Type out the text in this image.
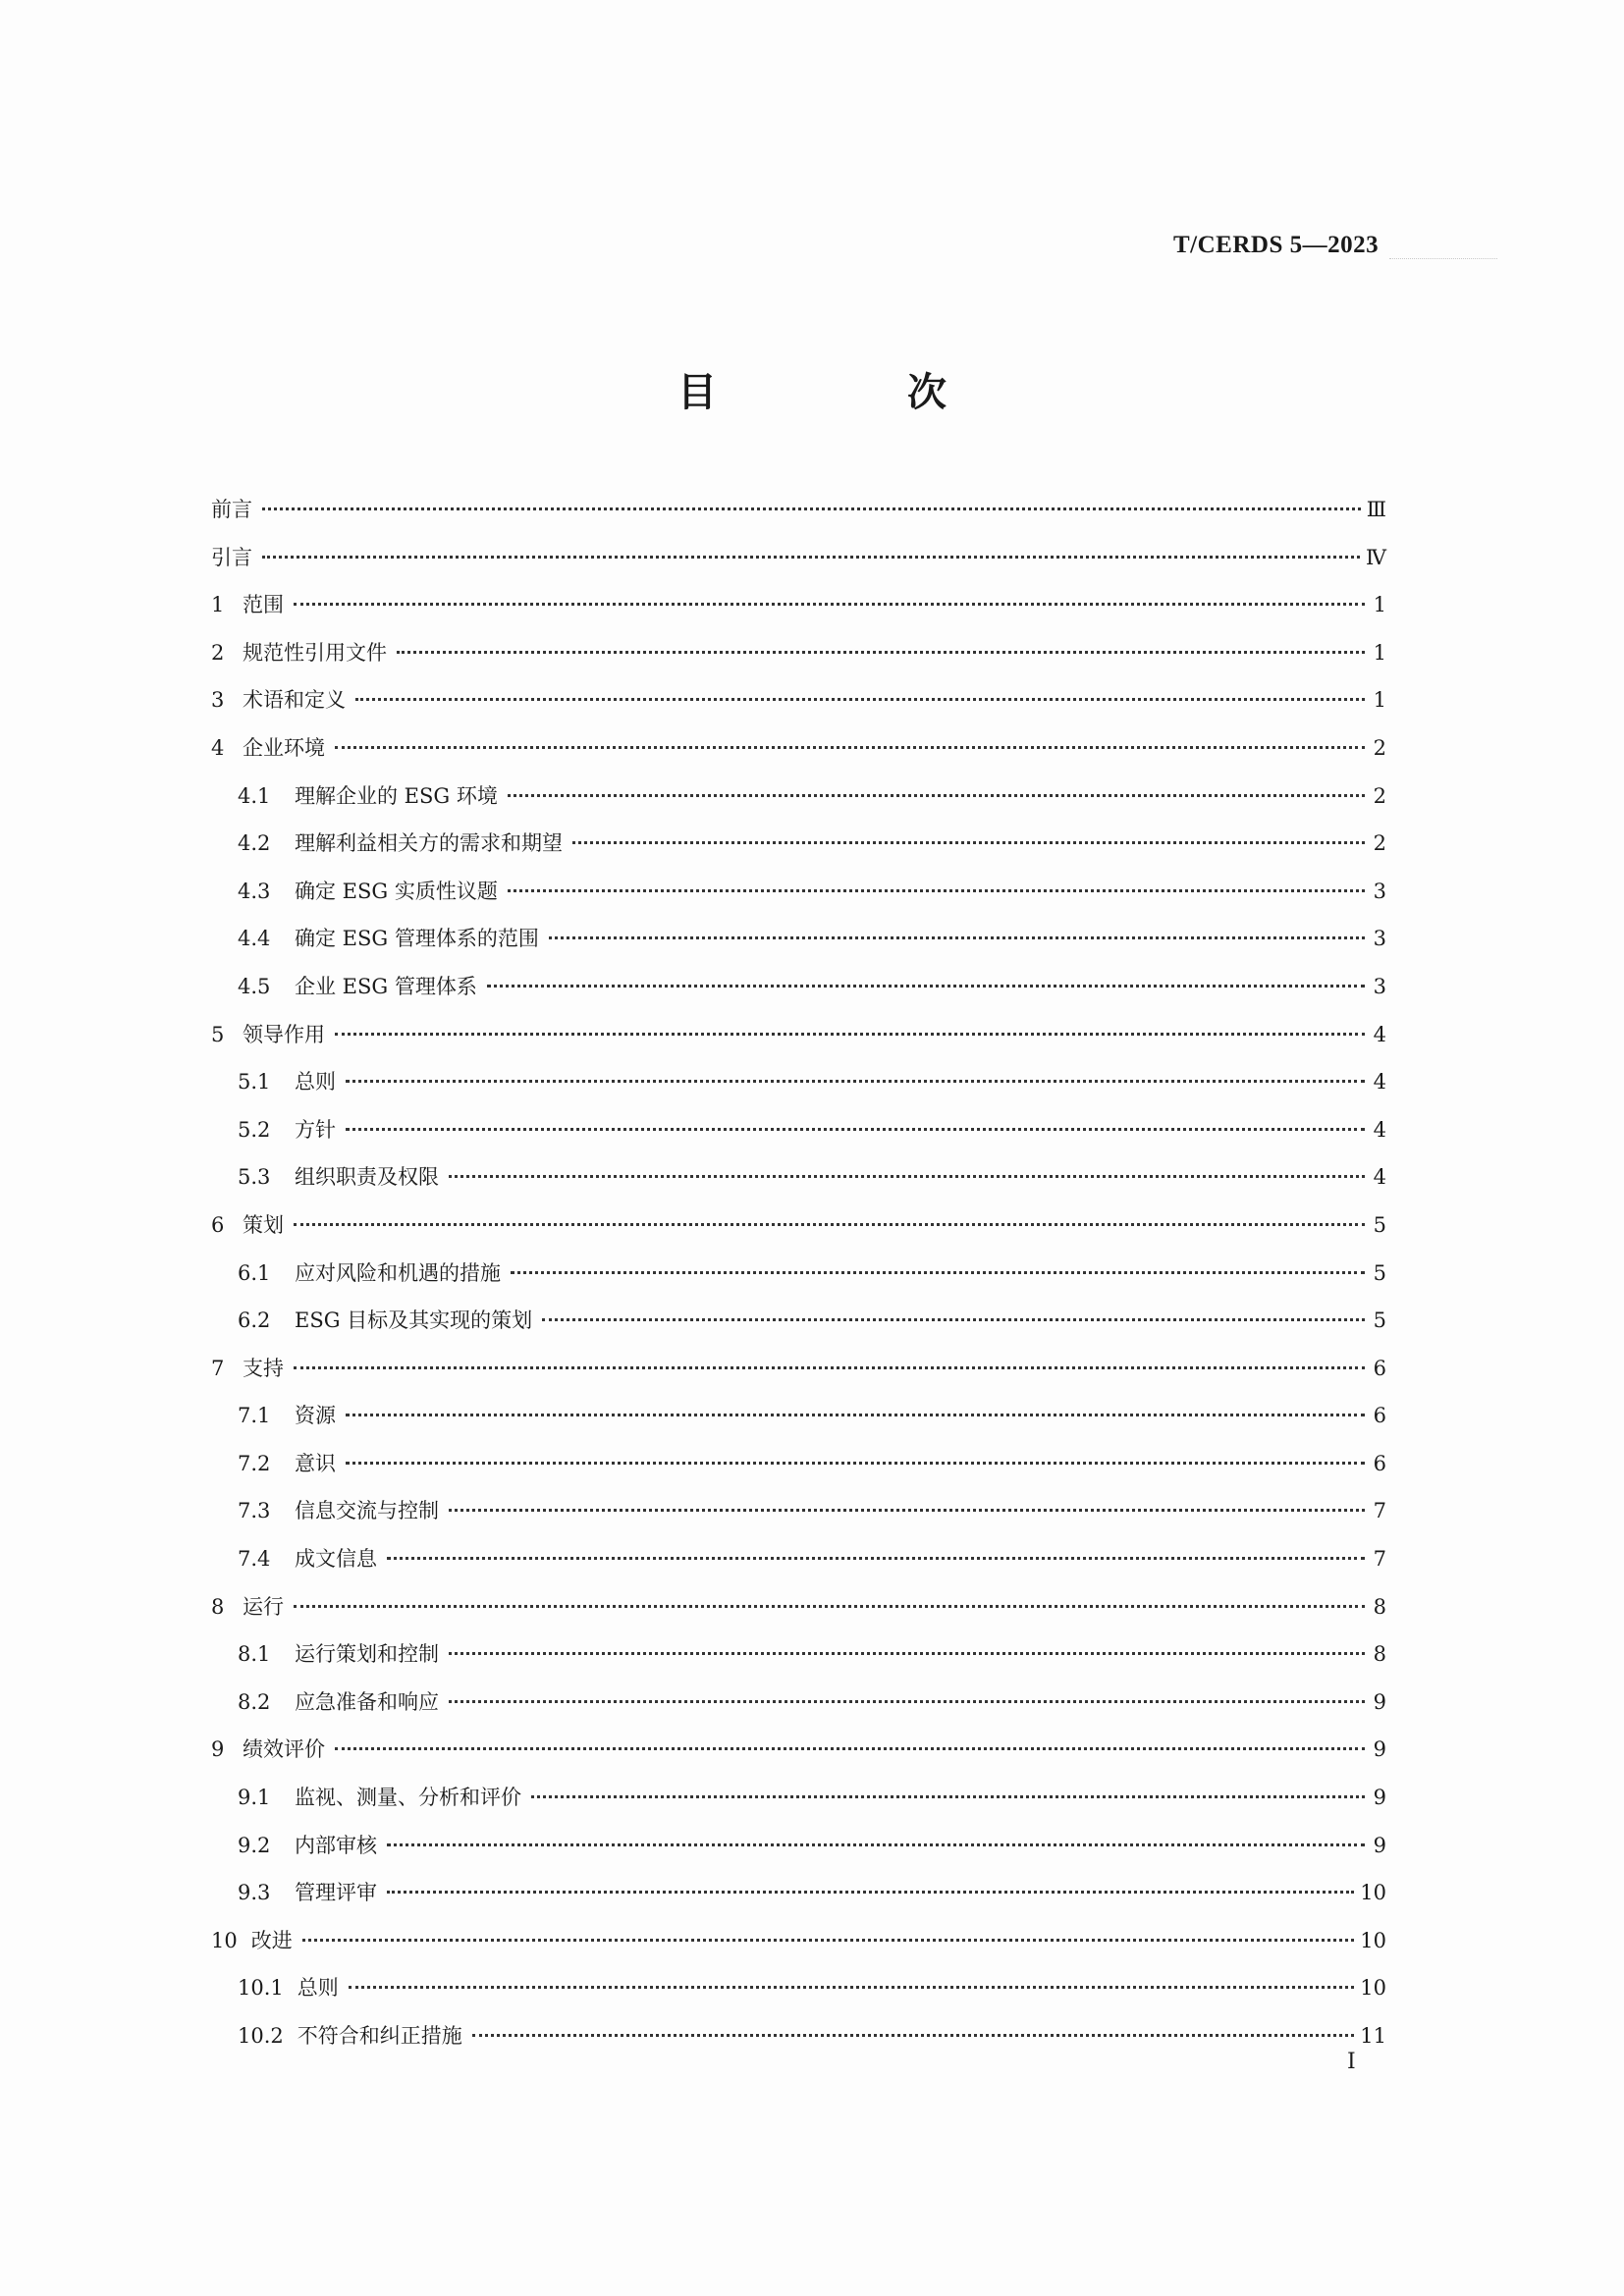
T/CERDS 5—2023
目 次
前言	Ⅲ
引言	Ⅳ
1 范围	1
2 规范性引用文件	1
3 术语和定义	1
4 企业环境	2
4.1	理解企业的 ESG 环境	2
4.2	理解利益相关方的需求和期望	2
4.3	确定 ESG 实质性议题	3
4.4	确定 ESG 管理体系的范围	3
4.5	企业 ESG 管理体系	3
5 领导作用	4
5.1	总则	4
5.2	方针	4
5.3	组织职责及权限	4
6 策划	5
6.1	应对风险和机遇的措施	5
6.2	ESG 目标及其实现的策划	5
7 支持	6
7.1	资源	6
7.2	意识	6
7.3	信息交流与控制	7
7.4	成文信息	7
8 运行	8
8.1	运行策划和控制	8
8.2	应急准备和响应	9
9 绩效评价	9
9.1	监视、测量、分析和评价	9
9.2	内部审核	9
9.3	管理评审	10
10 改进	10
10.1 总则	10
10.2 不符合和纠正措施	11
I
